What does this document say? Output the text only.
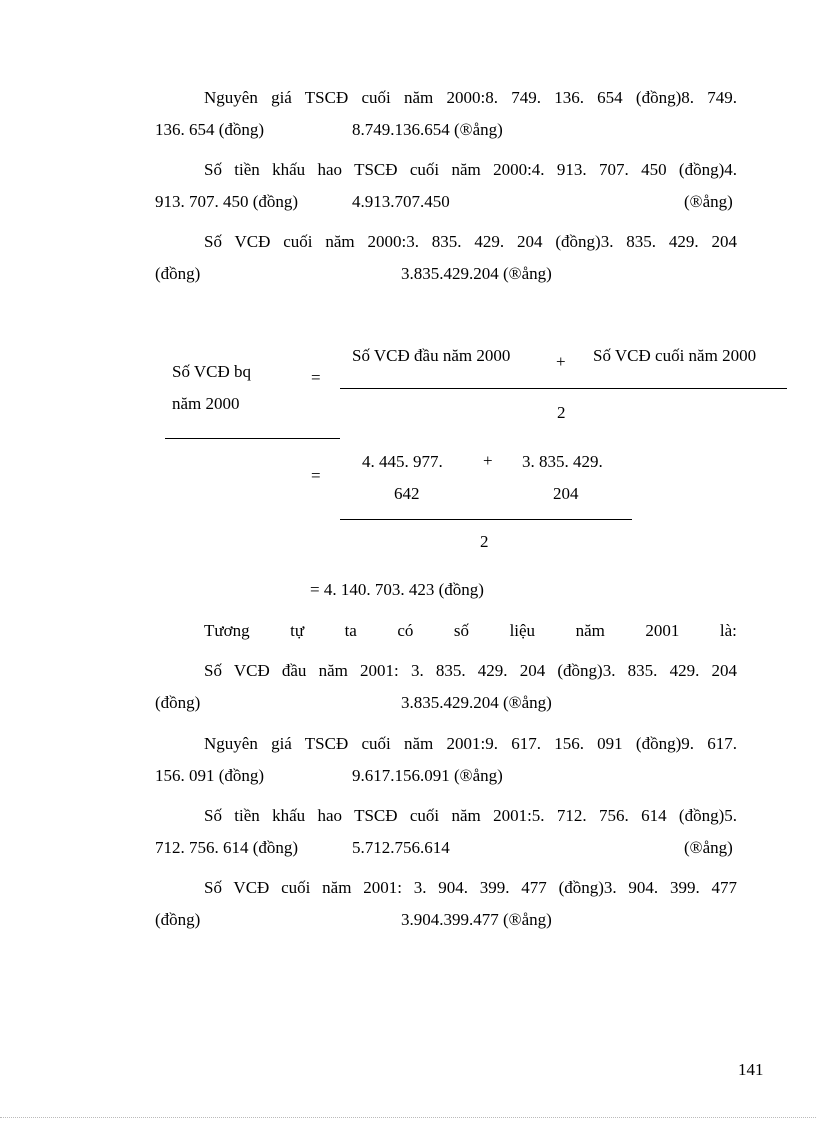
Nguyên giá TSCĐ cuối năm 2000:8. 749. 136. 654 (đồng)8. 749.
136. 654 (đồng)	8.749.136.654 (®ång)
Số tiền khấu hao TSCĐ cuối năm 2000:4. 913. 707. 450 (đồng)4.
913. 707. 450 (đồng)	4.913.707.450	(®ång)
Số VCĐ cuối năm 2000:3. 835. 429. 204 (đồng)3. 835. 429. 204
(đồng)	3.835.429.204 (®ång)
Số VCĐ bq
năm 2000
=
Số VCĐ đầu năm 2000	+ Số VCĐ cuối năm 2000
2
=
4. 445. 977.
642
+ 3. 835. 429.
204
2
= 4. 140. 703. 423 (đồng)
Tương tự ta có số liệu năm 2001 là:
Số VCĐ đầu năm 2001: 3. 835. 429. 204 (đồng)3. 835. 429. 204
(đồng)	3.835.429.204 (®ång)
Nguyên giá TSCĐ cuối năm 2001:9. 617. 156. 091 (đồng)9. 617.
156. 091 (đồng)	9.617.156.091 (®ång)
Số tiền khấu hao TSCĐ cuối năm 2001:5. 712. 756. 614 (đồng)5.
712. 756. 614 (đồng)	5.712.756.614	(®ång)
Số VCĐ cuối năm 2001: 3. 904. 399. 477 (đồng)3. 904. 399. 477
(đồng)	3.904.399.477 (®ång)
141
